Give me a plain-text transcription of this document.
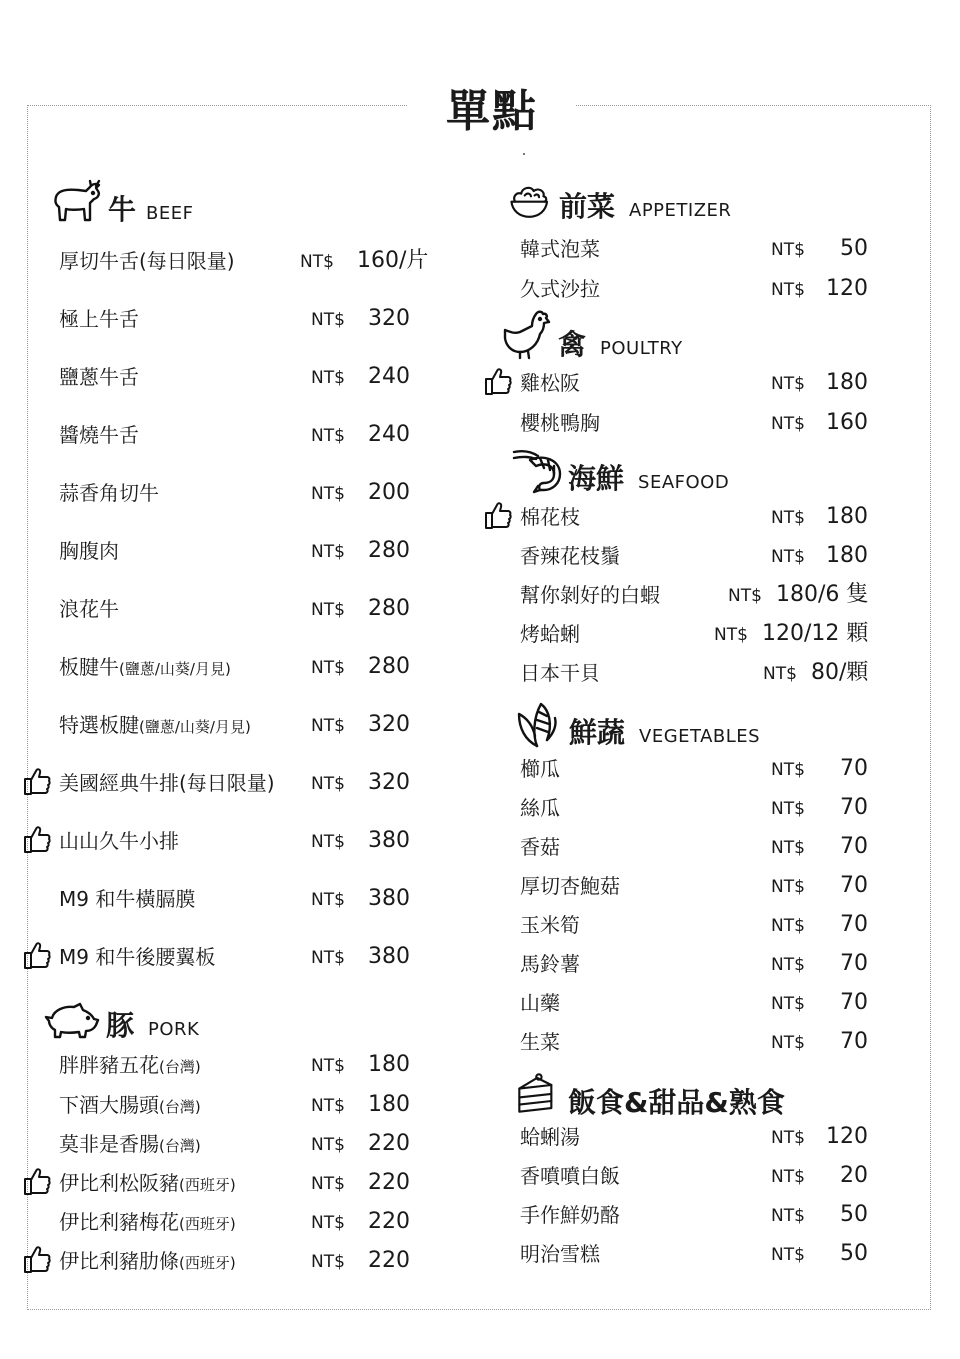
單點
牛 BEEF
厚切牛舌(每日限量)	NT$ 160/片
極上牛舌	NT$ 320
鹽蔥牛舌	NT$ 240
醬燒牛舌	NT$ 240
蒜香角切牛	NT$ 200
胸腹肉	NT$ 280
浪花牛	NT$ 280
板腱牛(鹽蔥/山葵/月見)	NT$ 280
特選板腱(鹽蔥/山葵/月見)	NT$ 320
美國經典牛排(每日限量) NT$ 320
山山久牛小排	NT$ 380
M9 和牛橫膈膜	NT$ 380
M9 和牛後腰翼板	NT$ 380
豚 PORK
胖胖豬五花(台灣)	NT$ 180
下酒大腸頭(台灣)	NT$ 180
莫非是香腸(台灣)	NT$ 220
伊比利松阪豬(西班牙)	NT$ 220
伊比利豬梅花(西班牙)	NT$ 220
伊比利豬肋條(西班牙)	NT$ 220
前菜 APPETIZER
禽 POULTRY
海鮮 SEAFOOD
鮮蔬 VEGETABLES
飯食&甜品&熟食
韓式泡菜	NT$ 50
久式沙拉	NT$ 120
雞松阪	NT$ 180
櫻桃鴨胸	NT$ 160
棉花枝	NT$ 180
香辣花枝鬚	NT$ 180
幫你剝好的白蝦	NT$ 180/6 隻
烤蛤蜊	NT$ 120/12 顆
日本干貝	NT$ 80/顆
櫛瓜	NT$ 70
絲瓜	NT$ 70
香菇	NT$ 70
厚切杏鮑菇	NT$ 70
玉米筍	NT$ 70
馬鈴薯	NT$ 70
山藥	NT$ 70
生菜	NT$ 70
蛤蜊湯	NT$ 120
香噴噴白飯	NT$ 20
手作鮮奶酪	NT$ 50
明治雪糕	NT$ 50
